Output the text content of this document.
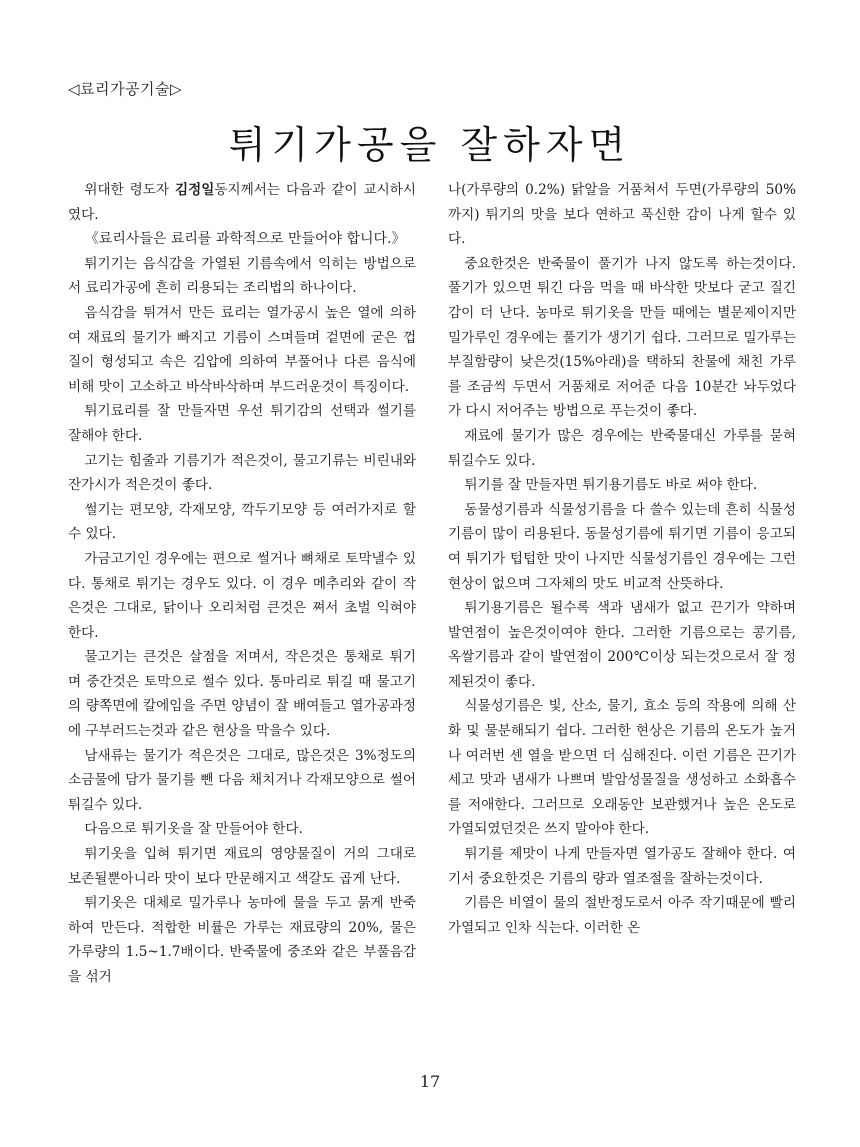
◁료리가공기술▷
튀기가공을 잘하자면

위대한 령도자 김정일동지께서는 다음과 같이 교시하시였다.

《료리사들은 료리를 과학적으로 만들어야 합니다.》

튀기기는 음식감을 가열된 기름속에서 익히는 방법으로서 료리가공에 흔히 리용되는 조리법의 하나이다.

음식감을 튀겨서 만든 료리는 열가공시 높은 열에 의하여 재료의 물기가 빠지고 기름이 스며들며 겉면에 굳은 껍질이 형성되고 속은 김압에 의하여 부풀어나 다른 음식에 비해 맛이 고소하고 바삭바삭하며 부드러운것이 특징이다.

튀기료리를 잘 만들자면 우선 튀기감의 선택과 썰기를 잘해야 한다.

고기는 힘줄과 기름기가 적은것이, 물고기류는 비린내와 잔가시가 적은것이 좋다.

썰기는 편모양, 각재모양, 깍두기모양 등 여러가지로 할수 있다.

가금고기인 경우에는 편으로 썰거나 뼈채로 토막낼수 있다. 통채로 튀기는 경우도 있다. 이 경우 메추리와 같이 작은것은 그대로, 닭이나 오리처럼 큰것은 쪄서 초벌 익혀야 한다.

물고기는 큰것은 살점을 저며서, 작은것은 통채로 튀기며 중간것은 토막으로 썰수 있다. 통마리로 튀길 때 물고기의 량쪽면에 칼에임을 주면 양념이 잘 배여들고 열가공과정에 구부러드는것과 같은 현상을 막을수 있다.

남새류는 물기가 적은것은 그대로, 많은것은 3%정도의 소금물에 담가 물기를 뺀 다음 채치거나 각재모양으로 썰어 튀길수 있다.

다음으로 튀기옷을 잘 만들어야 한다.

튀기옷을 입혀 튀기면 재료의 영양물질이 거의 그대로 보존될뿐아니라 맛이 보다 만문해지고 색갈도 곱게 난다.

튀기옷은 대체로 밀가루나 농마에 물을 두고 묽게 반죽하여 만든다. 적합한 비률은 가루는 재료량의 20%, 물은 가루량의 1.5~1.7배이다. 반죽물에 중조와 같은 부풀음감을 섞거

나(가루량의 0.2%) 닭알을 거품쳐서 두면(가루량의 50%까지) 튀기의 맛을 보다 연하고 푹신한 감이 나게 할수 있다.

중요한것은 반죽물이 풀기가 나지 않도록 하는것이다. 풀기가 있으면 튀긴 다음 먹을 때 바삭한 맛보다 굳고 질긴 감이 더 난다. 농마로 튀기옷을 만들 때에는 별문제이지만 밀가루인 경우에는 풀기가 생기기 쉽다. 그러므로 밀가루는 부질함량이 낮은것(15%아래)을 택하되 찬물에 채친 가루를 조금씩 두면서 거품채로 저어준 다음 10분간 놔두었다가 다시 저어주는 방법으로 푸는것이 좋다.

재료에 물기가 많은 경우에는 반죽물대신 가루를 묻혀 튀길수도 있다.

튀기를 잘 만들자면 튀기용기름도 바로 써야 한다.

동물성기름과 식물성기름을 다 쓸수 있는데 흔히 식물성기름이 많이 리용된다. 동물성기름에 튀기면 기름이 응고되여 튀기가 텁텁한 맛이 나지만 식물성기름인 경우에는 그런 현상이 없으며 그자체의 맛도 비교적 산뜻하다.

튀기용기름은 될수록 색과 냄새가 없고 끈기가 약하며 발연점이 높은것이여야 한다. 그러한 기름으로는 콩기름, 옥쌀기름과 같이 발연점이 200℃이상 되는것으로서 잘 정제된것이 좋다.

식물성기름은 빛, 산소, 물기, 효소 등의 작용에 의해 산화 및 물분해되기 쉽다. 그러한 현상은 기름의 온도가 높거나 여러번 센 열을 받으면 더 심해진다. 이런 기름은 끈기가 세고 맛과 냄새가 나쁘며 발암성물질을 생성하고 소화흡수를 저애한다. 그러므로 오래동안 보관했거나 높은 온도로 가열되였던것은 쓰지 말아야 한다.

튀기를 제맛이 나게 만들자면 열가공도 잘해야 한다. 여기서 중요한것은 기름의 량과 열조절을 잘하는것이다.

기름은 비열이 물의 절반정도로서 아주 작기때문에 빨리 가열되고 인차 식는다. 이러한 온

17
